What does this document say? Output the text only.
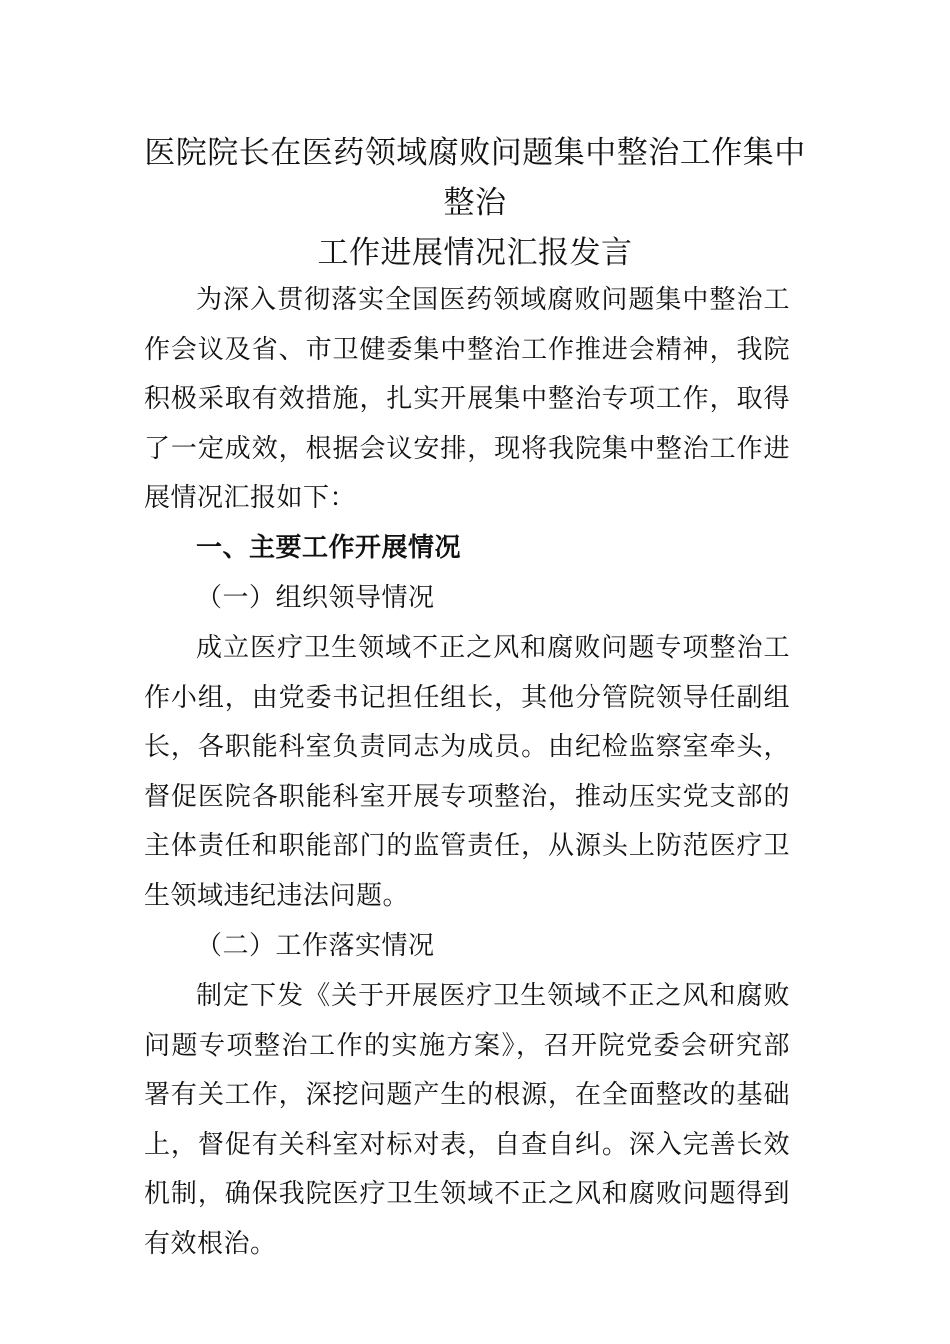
医院院长在医药领域腐败问题集中整治工作集中整治
工作进展情况汇报发言
为深入贯彻落实全国医药领域腐败问题集中整治工作会议及省、市卫健委集中整治工作推进会精神，我院积极采取有效措施，扎实开展集中整治专项工作，取得了一定成效，根据会议安排，现将我院集中整治工作进展情况汇报如下：
一、主要工作开展情况
（一）组织领导情况
成立医疗卫生领域不正之风和腐败问题专项整治工作小组，由党委书记担任组长，其他分管院领导任副组长，各职能科室负责同志为成员。由纪检监察室牵头，督促医院各职能科室开展专项整治，推动压实党支部的主体责任和职能部门的监管责任，从源头上防范医疗卫生领域违纪违法问题。
（二）工作落实情况
制定下发《关于开展医疗卫生领域不正之风和腐败问题专项整治工作的实施方案》，召开院党委会研究部署有关工作，深挖问题产生的根源，在全面整改的基础上，督促有关科室对标对表，自查自纠。深入完善长效机制，确保我院医疗卫生领域不正之风和腐败问题得到有效根治。
